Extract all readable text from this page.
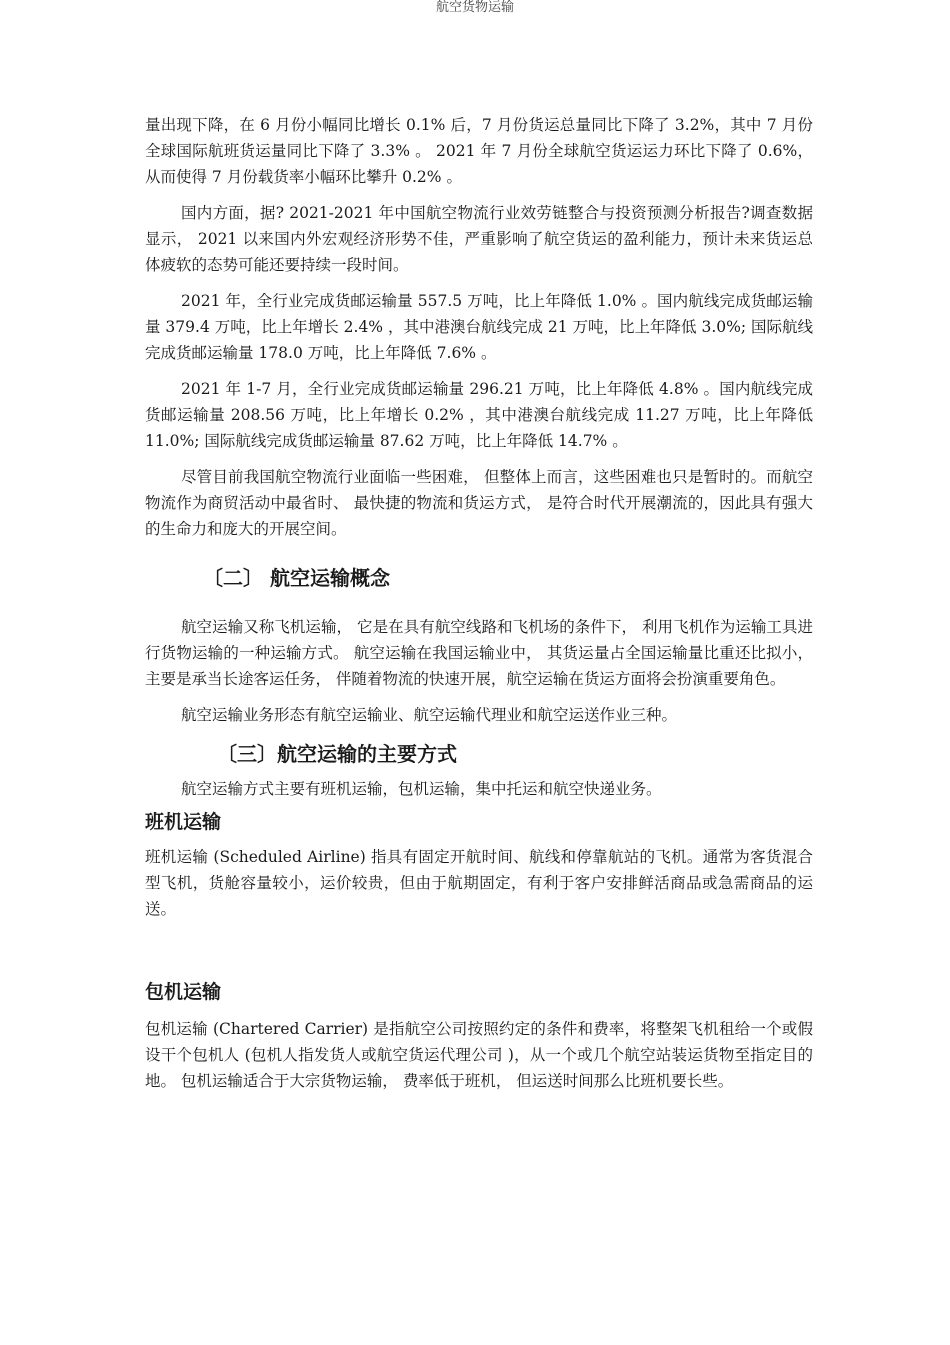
航空货物运输

量出现下降，在 6 月份小幅同比增长 0.1% 后，7 月份货运总量同比下降了 3.2%，其中 7 月份全球国际航班货运量同比下降了 3.3% 。 2021 年 7 月份全球航空货运运力环比下降了 0.6%，从而使得 7 月份载货率小幅环比攀升 0.2% 。

国内方面，据? 2021-2021 年中国航空物流行业效劳链整合与投资预测分析报告?调查数据显示， 2021 以来国内外宏观经济形势不佳，严重影响了航空货运的盈利能力，预计未来货运总体疲软的态势可能还要持续一段时间。

2021 年，全行业完成货邮运输量 557.5 万吨，比上年降低 1.0% 。国内航线完成货邮运输量 379.4 万吨，比上年增长 2.4% ，其中港澳台航线完成 21 万吨，比上年降低 3.0%; 国际航线完成货邮运输量 178.0 万吨，比上年降低 7.6% 。

2021 年 1-7 月，全行业完成货邮运输量 296.21 万吨，比上年降低 4.8% 。国内航线完成货邮运输量 208.56 万吨，比上年增长 0.2% ，其中港澳台航线完成 11.27 万吨，比上年降低 11.0%; 国际航线完成货邮运输量 87.62 万吨，比上年降低 14.7% 。

尽管目前我国航空物流行业面临一些困难， 但整体上而言，这些困难也只是暂时的。而航空物流作为商贸活动中最省时、 最快捷的物流和货运方式， 是符合时代开展潮流的，因此具有强大的生命力和庞大的开展空间。

〔二〕 航空运输概念

航空运输又称飞机运输， 它是在具有航空线路和飞机场的条件下， 利用飞机作为运输工具进行货物运输的一种运输方式。 航空运输在我国运输业中， 其货运量占全国运输量比重还比拟小， 主要是承当长途客运任务， 伴随着物流的快速开展，航空运输在货运方面将会扮演重要角色。

航空运输业务形态有航空运输业、航空运输代理业和航空运送作业三种。

〔三〕航空运输的主要方式

航空运输方式主要有班机运输，包机运输，集中托运和航空快递业务。

班机运输

班机运输 (Scheduled Airline) 指具有固定开航时间、航线和停靠航站的飞机。通常为客货混合型飞机，货舱容量较小，运价较贵，但由于航期固定，有利于客户安排鲜活商品或急需商品的运送。

包机运输

包机运输 (Chartered Carrier) 是指航空公司按照约定的条件和费率，将整架飞机租给一个或假设干个包机人 (包机人指发货人或航空货运代理公司 )，从一个或几个航空站装运货物至指定目的地。 包机运输适合于大宗货物运输， 费率低于班机， 但运送时间那么比班机要长些。
